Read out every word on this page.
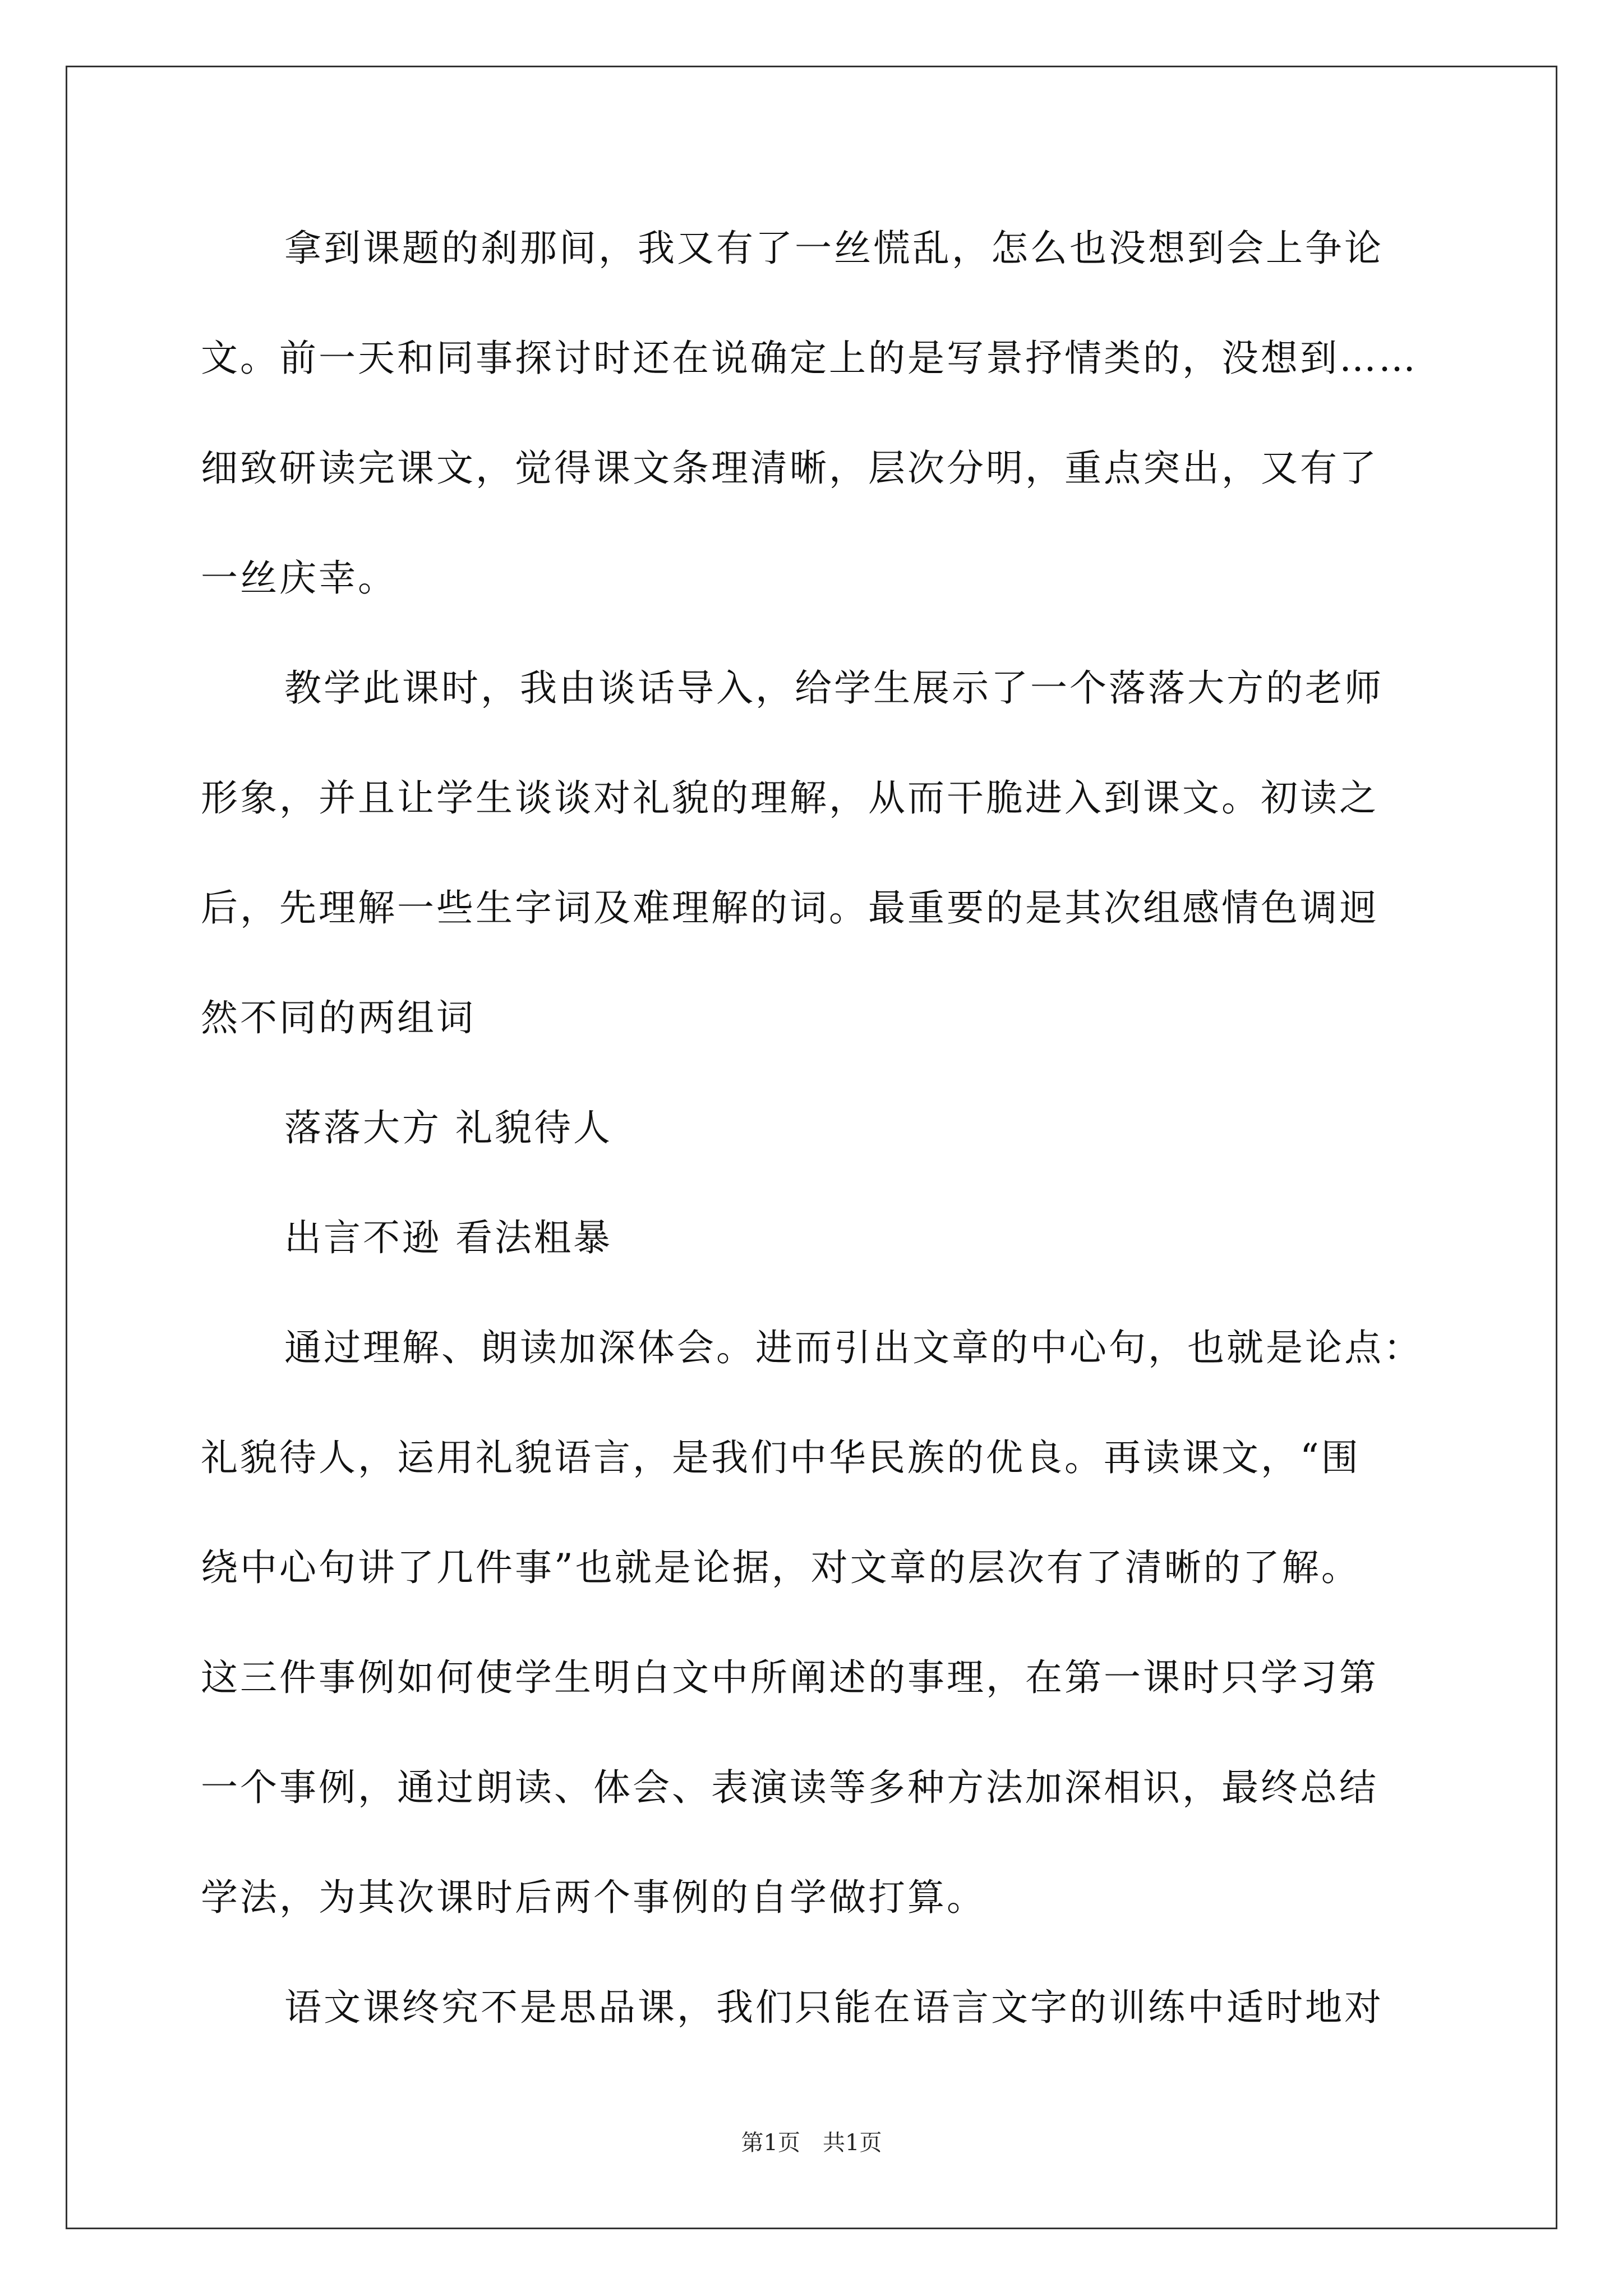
拿到课题的刹那间，我又有了一丝慌乱，怎么也没想到会上争论
文。前一天和同事探讨时还在说确定上的是写景抒情类的，没想到……
细致研读完课文，觉得课文条理清晰，层次分明，重点突出，又有了
一丝庆幸。
教学此课时，我由谈话导入，给学生展示了一个落落大方的老师
形象，并且让学生谈谈对礼貌的理解，从而干脆进入到课文。初读之
后，先理解一些生字词及难理解的词。最重要的是其次组感情色调迥
然不同的两组词
落落大方 礼貌待人
出言不逊 看法粗暴
通过理解、朗读加深体会。进而引出文章的中心句，也就是论点：
礼貌待人，运用礼貌语言，是我们中华民族的优良。再读课文，“围
绕中心句讲了几件事”也就是论据，对文章的层次有了清晰的了解。
这三件事例如何使学生明白文中所阐述的事理，在第一课时只学习第
一个事例，通过朗读、体会、表演读等多种方法加深相识，最终总结
学法，为其次课时后两个事例的自学做打算。
语文课终究不是思品课，我们只能在语言文字的训练中适时地对
第1页 共1页
